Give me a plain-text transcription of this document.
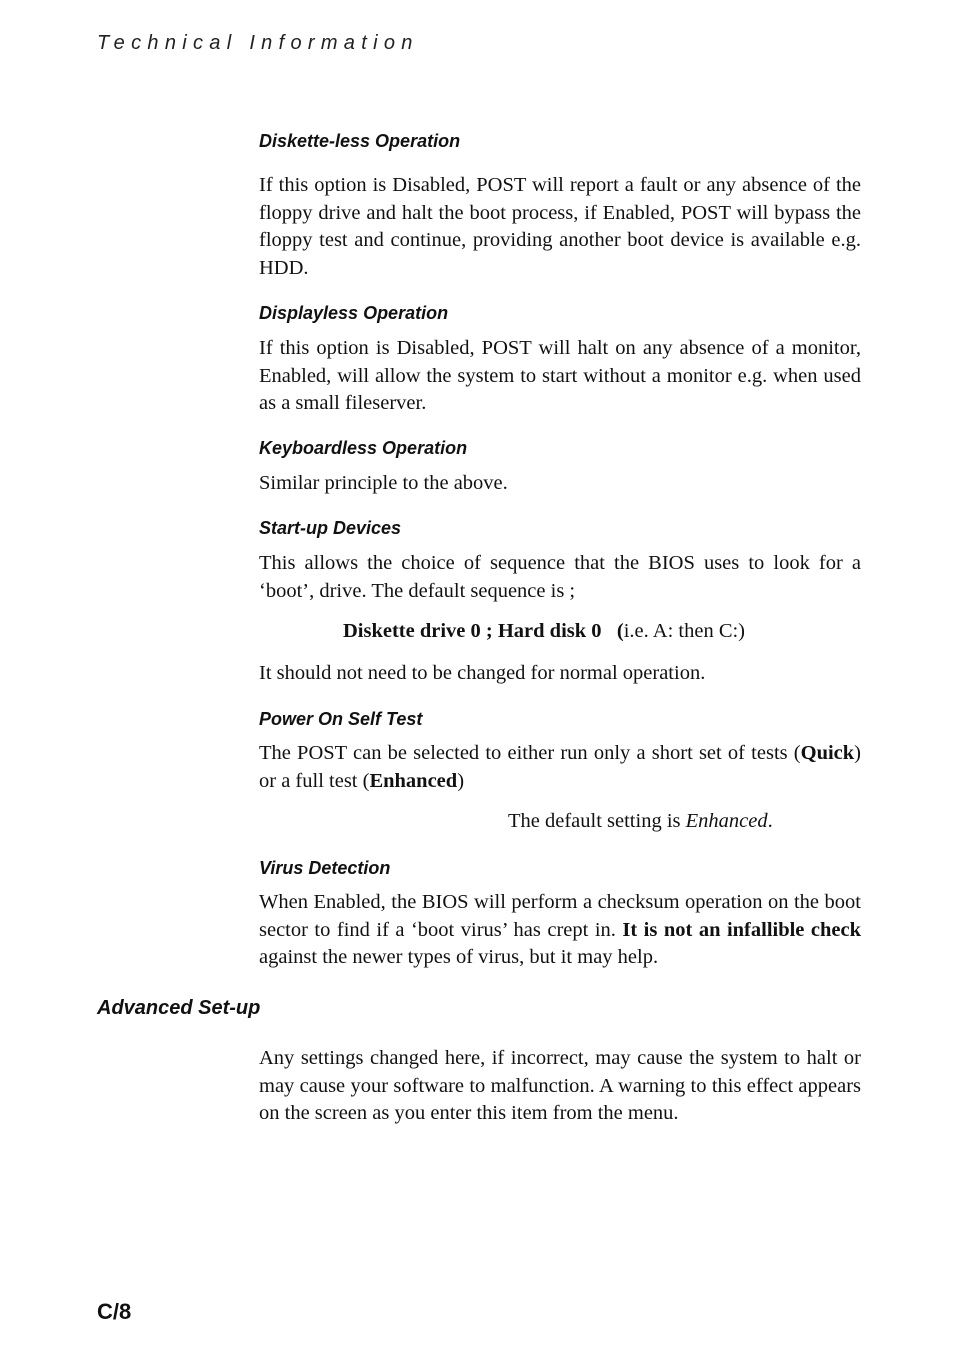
Technical Information
Diskette-less Operation

If this option is Disabled, POST will report a fault or any absence of the floppy drive and halt the boot process, if Enabled, POST will bypass the floppy test and continue, providing another boot device is available e.g. HDD.

Displayless Operation

If this option is Disabled, POST will halt on any absence of a monitor, Enabled, will allow the system to start without a monitor e.g. when used as a small fileserver.

Keyboardless Operation

Similar principle to the above.

Start-up Devices

This allows the choice of sequence that the BIOS uses to look for a ‘boot’, drive. The default sequence is ;

Diskette drive 0 ; Hard disk 0 (i.e. A: then C:)

It should not need to be changed for normal operation.

Power On Self Test

The POST can be selected to either run only a short set of tests (Quick) or a full test (Enhanced)

The default setting is Enhanced.
Virus Detection

When Enabled, the BIOS will perform a checksum operation on the boot sector to find if a ‘boot virus’ has crept in. It is not an infallible check against the newer types of virus, but it may help.

Advanced Set-up

Any settings changed here, if incorrect, may cause the system to halt or may cause your software to malfunction. A warning to this effect appears on the screen as you enter this item from the menu.

C/8
